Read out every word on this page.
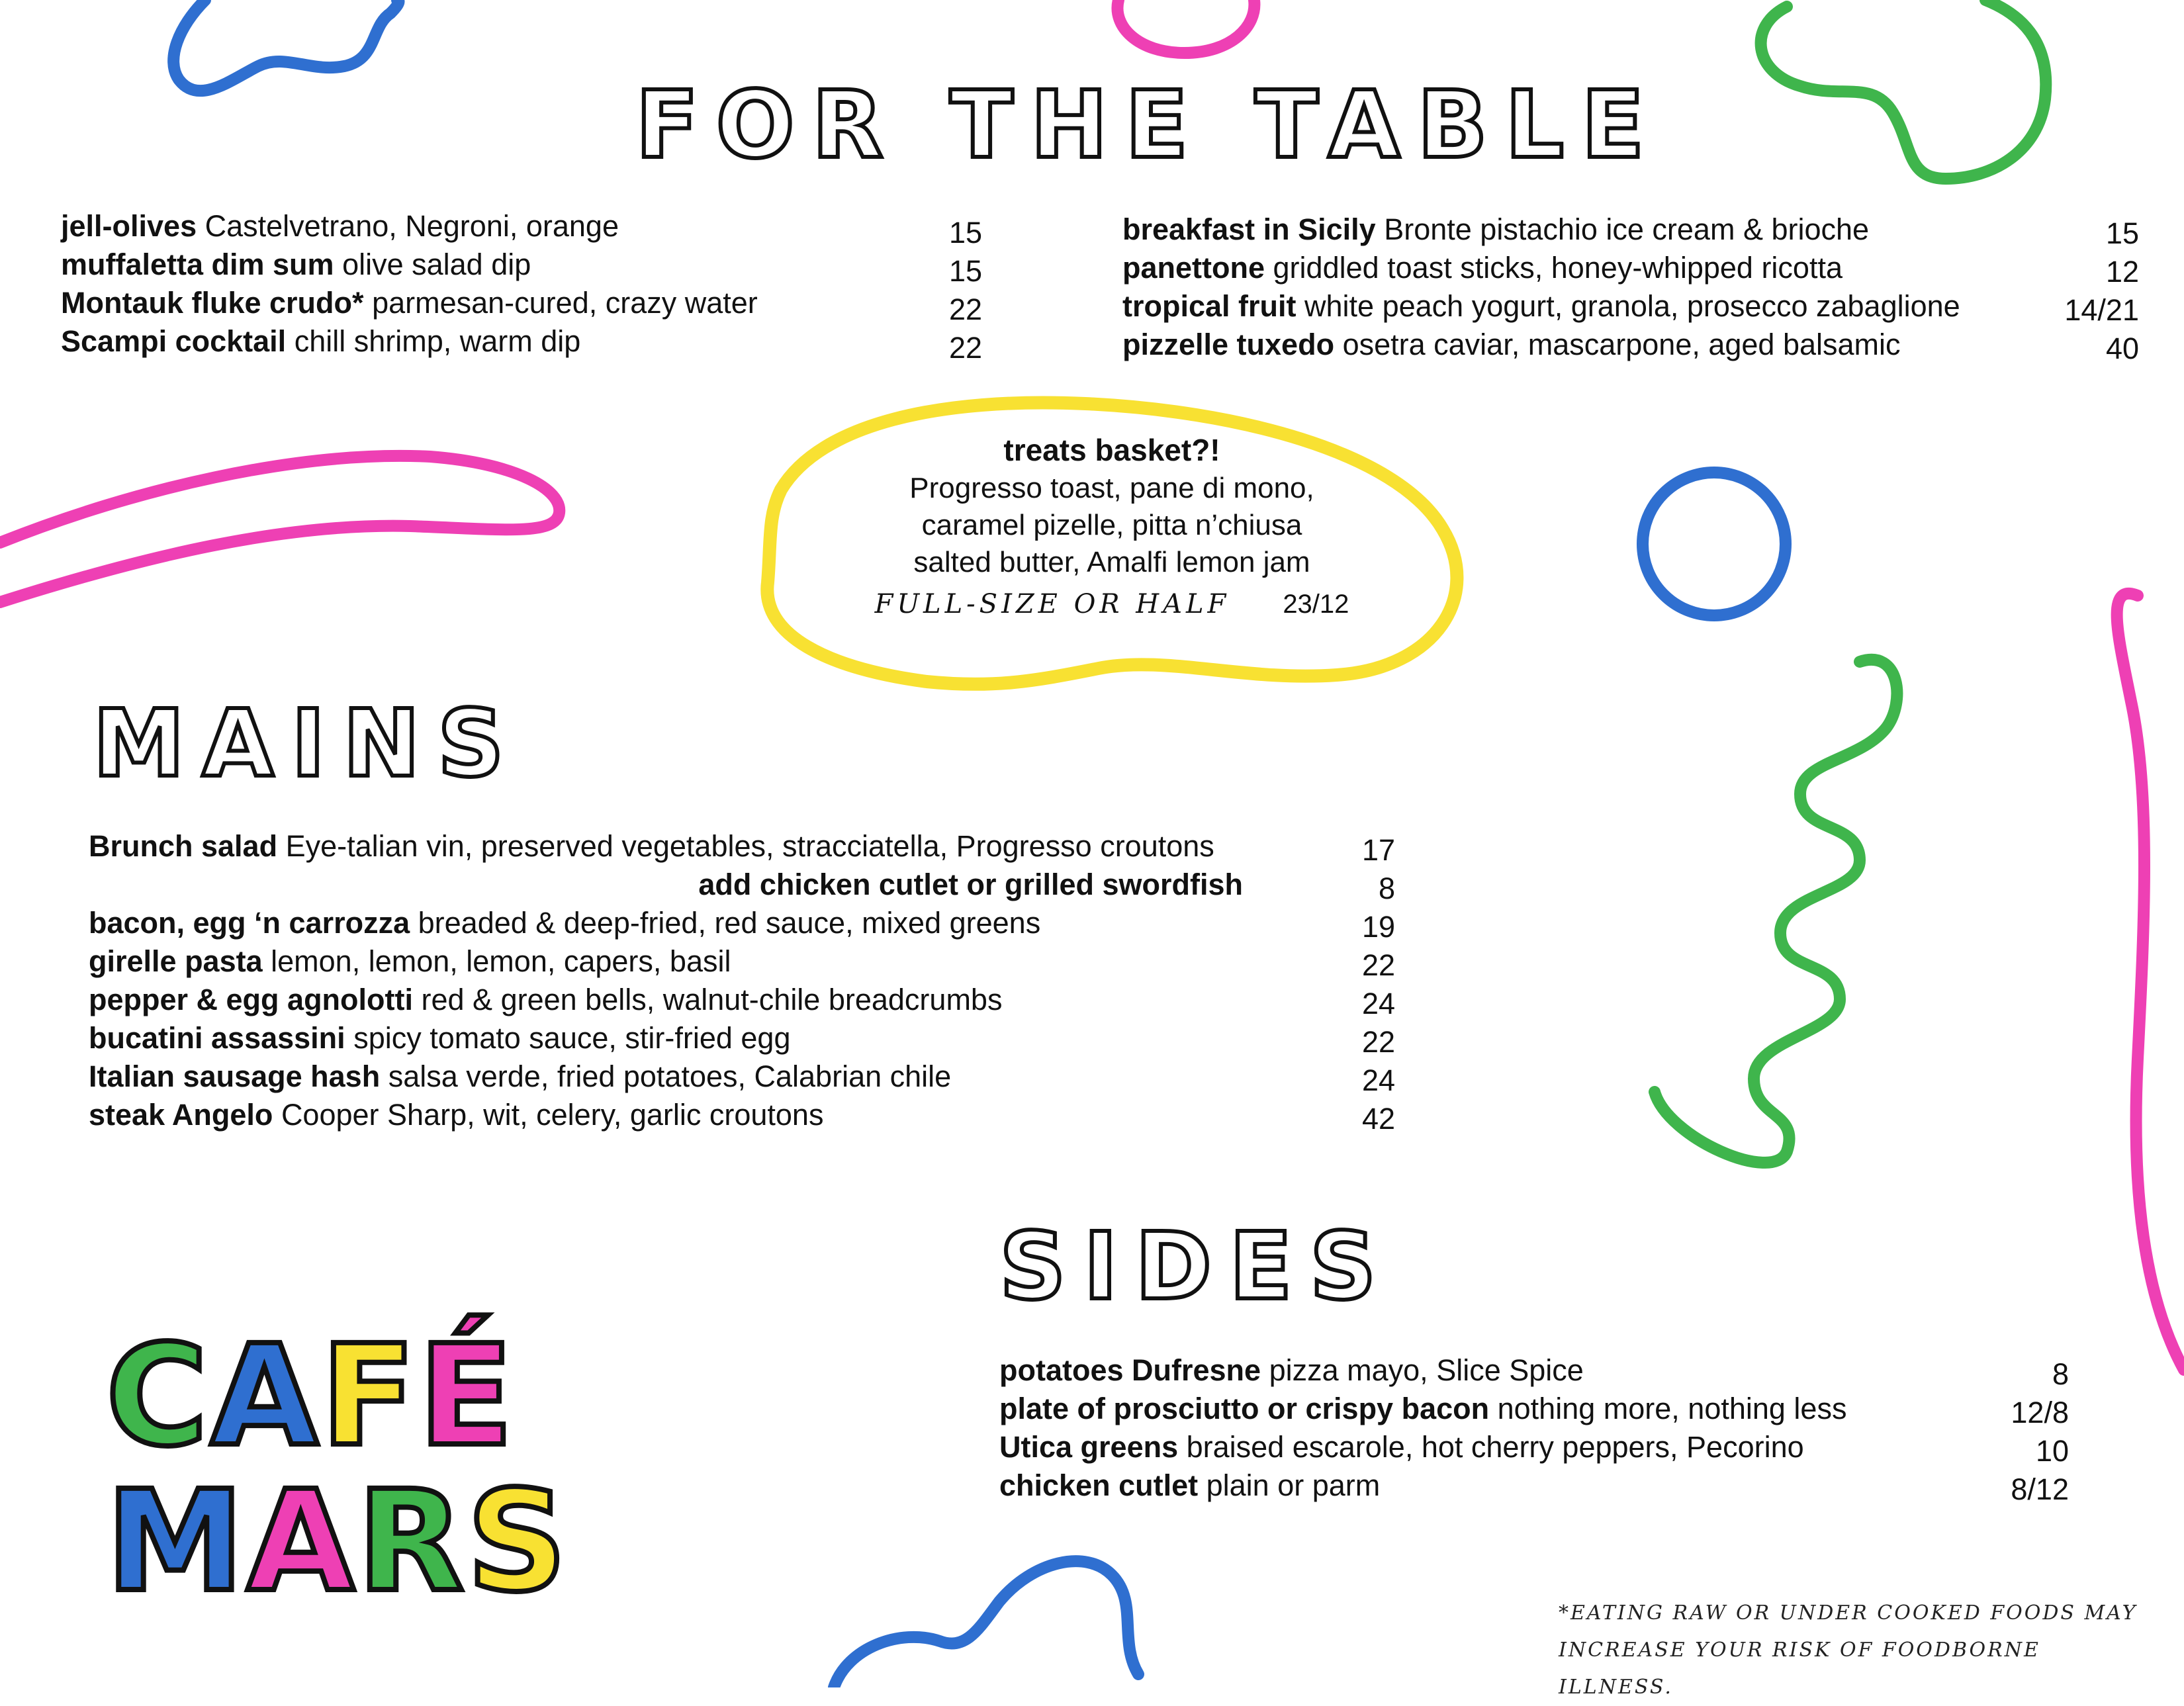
FOR THE TABLE
jell-olives Castelvetrano, Negroni, orange	15
muffaletta dim sum olive salad dip	15
Montauk fluke crudo* parmesan-cured, crazy water	22
Scampi cocktail chill shrimp, warm dip	22
breakfast in Sicily Bronte pistachio ice cream & brioche	15
panettone griddled toast sticks, honey-whipped ricotta	12
tropical fruit white peach yogurt, granola, prosecco zabaglione	14/21
pizzelle tuxedo osetra caviar, mascarpone, aged balsamic	40
treats basket?!
Progresso toast, pane di mono,
caramel pizelle, pitta n’chiusa
salted butter, Amalfi lemon jam
FULL-SIZE OR HALF 23/12
MAINS
Brunch salad Eye-talian vin, preserved vegetables, stracciatella, Progresso croutons	17
add chicken cutlet or grilled swordfish	8
bacon, egg ‘n carrozza breaded & deep-fried, red sauce, mixed greens	19
girelle pasta lemon, lemon, lemon, capers, basil	22
pepper & egg agnolotti red & green bells, walnut-chile breadcrumbs	24
bucatini assassini spicy tomato sauce, stir-fried egg	22
Italian sausage hash salsa verde, fried potatoes, Calabrian chile	24
steak Angelo Cooper Sharp, wit, celery, garlic croutons	42
SIDES
potatoes Dufresne pizza mayo, Slice Spice	8
plate of prosciutto or crispy bacon nothing more, nothing less	12/8
Utica greens braised escarole, hot cherry peppers, Pecorino	10
chicken cutlet plain or parm	8/12
CAFÉ
MARS	*EATING RAW OR UNDER COOKED FOODS MAY
INCREASE YOUR RISK OF FOODBORNE ILLNESS.
